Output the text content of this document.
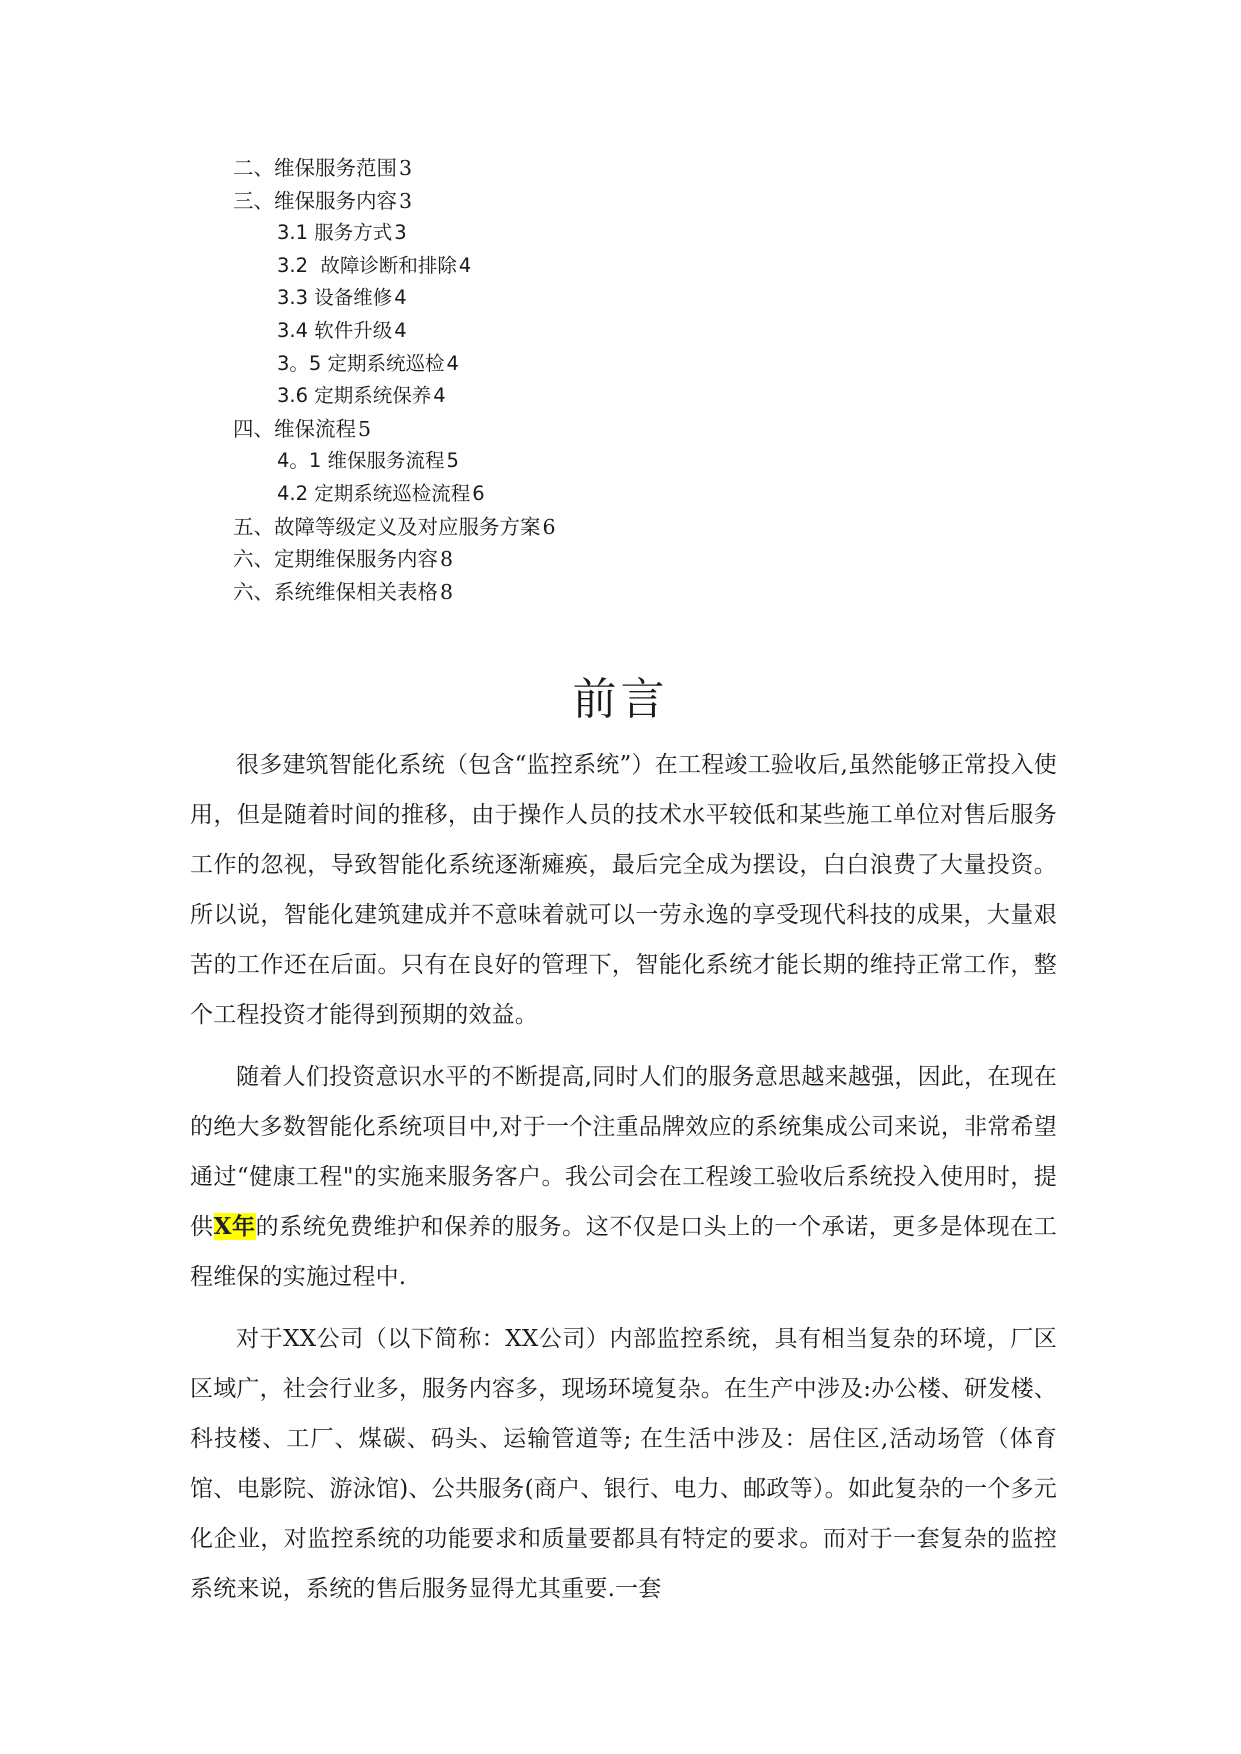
二、维保服务范围3
三、维保服务内容3
3.1 服务方式 3
3.2  故障诊断和排除 4
3.3 设备维修 4
3.4 软件升级 4
3。5 定期系统巡检 4
3.6 定期系统保养 4
四、维保流程5
4。1 维保服务流程 5
4.2 定期系统巡检流程 6
五、故障等级定义及对应服务方案6
六、定期维保服务内容8
六、系统维保相关表格8
前言

很多建筑智能化系统（包含“监控系统”）在工程竣工验收后,虽然能够正常投入使用，但是随着时间的推移，由于操作人员的技术水平较低和某些施工单位对售后服务工作的忽视，导致智能化系统逐渐瘫痪，最后完全成为摆设，白白浪费了大量投资。所以说，智能化建筑建成并不意味着就可以一劳永逸的享受现代科技的成果，大量艰苦的工作还在后面。只有在良好的管理下，智能化系统才能长期的维持正常工作，整个工程投资才能得到预期的效益。

随着人们投资意识水平的不断提高,同时人们的服务意思越来越强，因此，在现在的绝大多数智能化系统项目中,对于一个注重品牌效应的系统集成公司来说，非常希望通过“健康工程"的实施来服务客户。我公司会在工程竣工验收后系统投入使用时，提供X年的系统免费维护和保养的服务。这不仅是口头上的一个承诺，更多是体现在工程维保的实施过程中.

对于XX公司（以下简称：XX公司）内部监控系统，具有相当复杂的环境，厂区区域广，社会行业多，服务内容多，现场环境复杂。在生产中涉及:办公楼、研发楼、科技楼、工厂、煤碳、码头、运输管道等; 在生活中涉及：居住区,活动场管（体育馆、电影院、游泳馆)、公共服务(商户、银行、电力、邮政等）。如此复杂的一个多元化企业，对监控系统的功能要求和质量要都具有特定的要求。而对于一套复杂的监控系统来说，系统的售后服务显得尤其重要.一套
